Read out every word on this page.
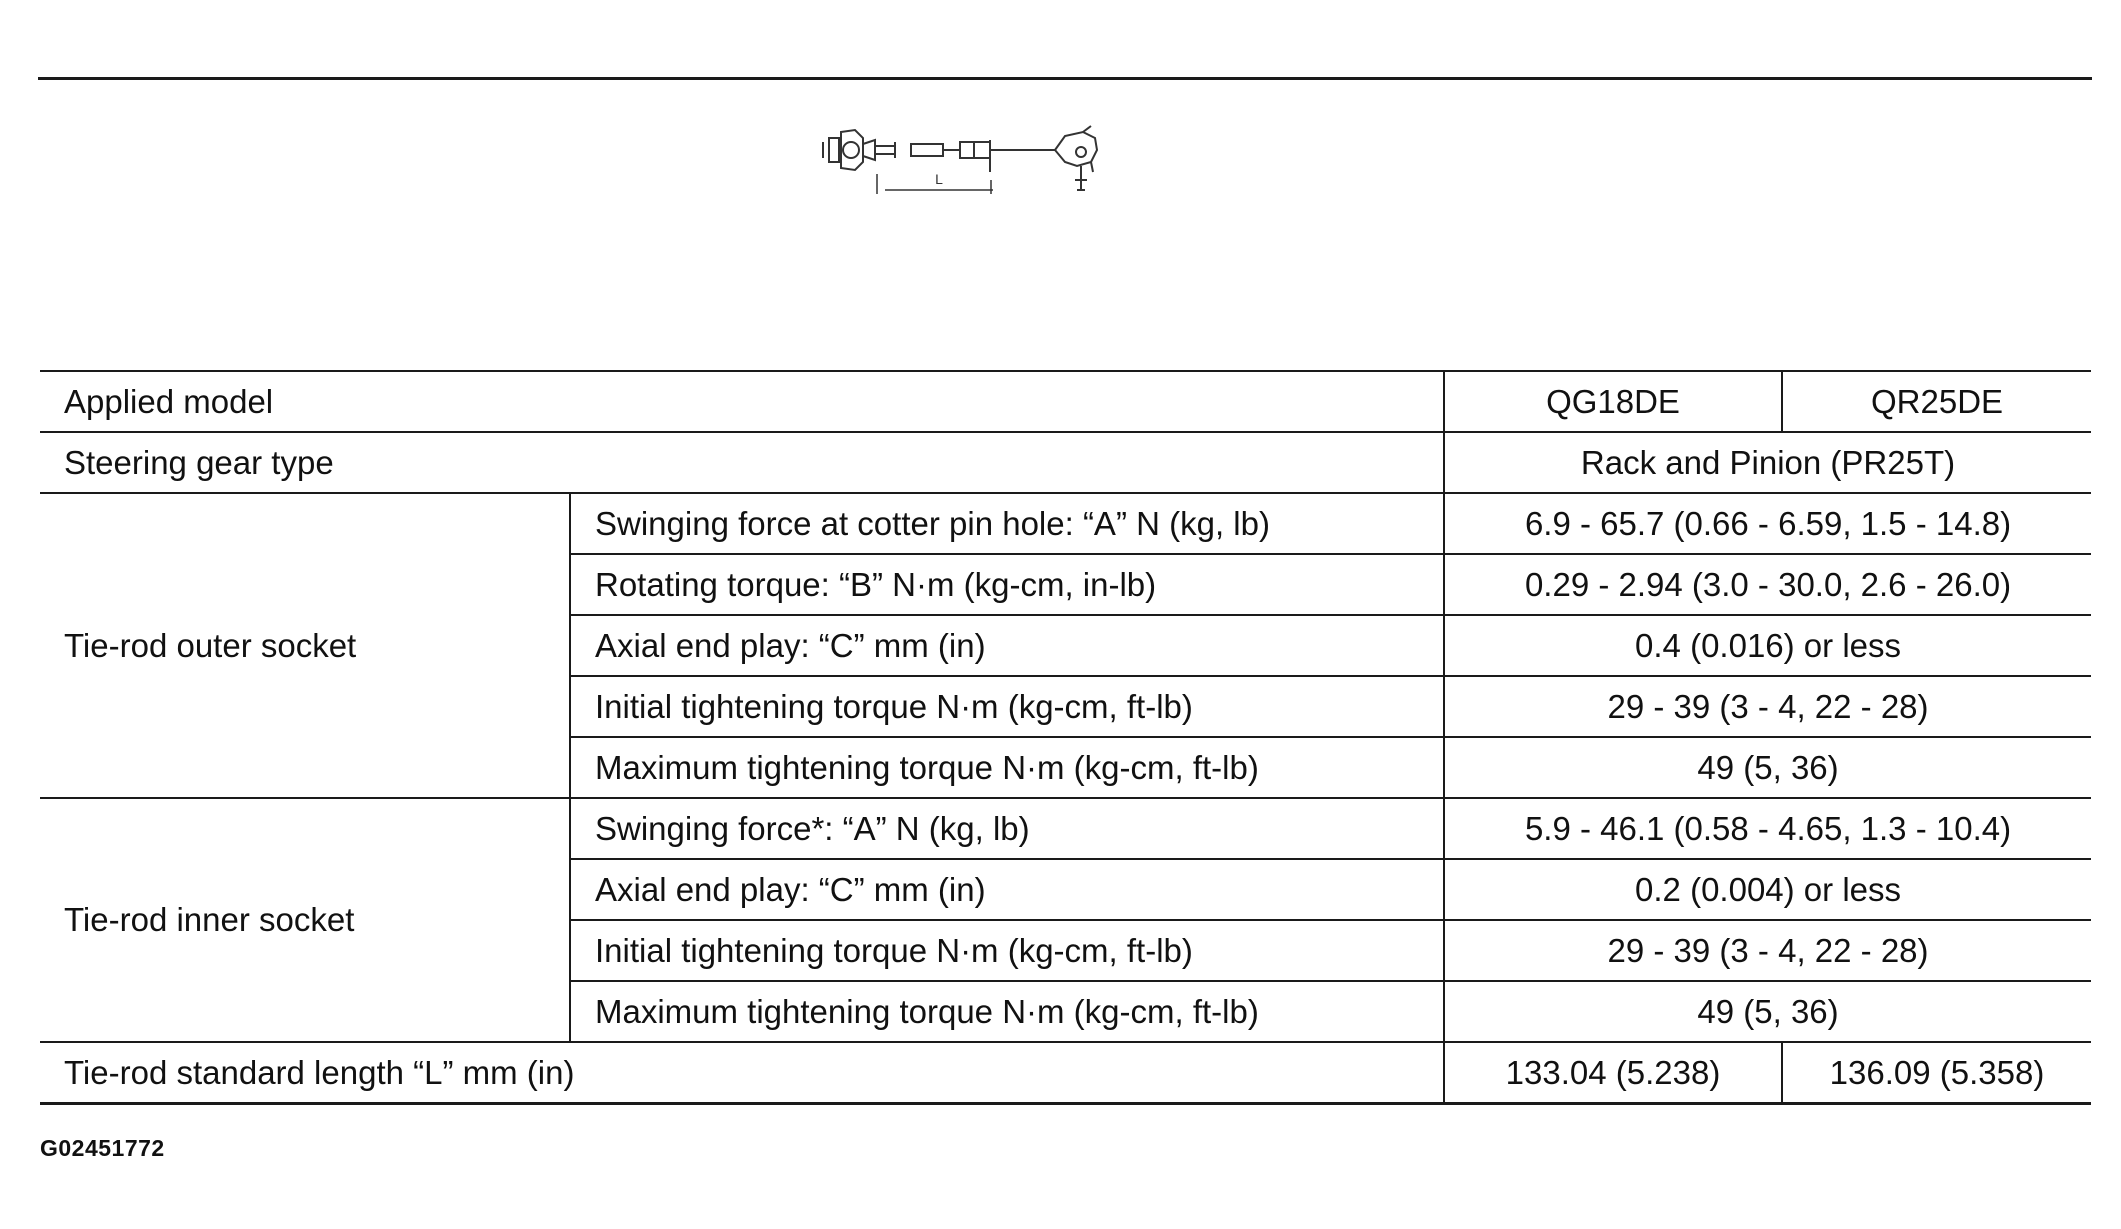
L
Applied model		QG18DE	QR25DE
Steering gear type		Rack and Pinion (PR25T)	
Tie-rod outer socket	Swinging force at cotter pin hole: “A” N (kg, lb)	6.9 - 65.7 (0.66 - 6.59, 1.5 - 14.8)	
	Rotating torque: “B” N·m (kg-cm, in-lb)	0.29 - 2.94 (3.0 - 30.0, 2.6 - 26.0)	
	Axial end play: “C” mm (in)	0.4 (0.016) or less	
	Initial tightening torque N·m (kg-cm, ft-lb)	29 - 39 (3 - 4, 22 - 28)	
	Maximum tightening torque N·m (kg-cm, ft-lb)	49 (5, 36)	
Tie-rod inner socket	Swinging force*: “A” N (kg, lb)	5.9 - 46.1 (0.58 - 4.65, 1.3 - 10.4)	
	Axial end play: “C” mm (in)	0.2 (0.004) or less	
	Initial tightening torque N·m (kg-cm, ft-lb)	29 - 39 (3 - 4, 22 - 28)	
	Maximum tightening torque N·m (kg-cm, ft-lb)	49 (5, 36)	
Tie-rod standard length “L” mm (in)		133.04 (5.238)	136.09 (5.358)
G02451772
